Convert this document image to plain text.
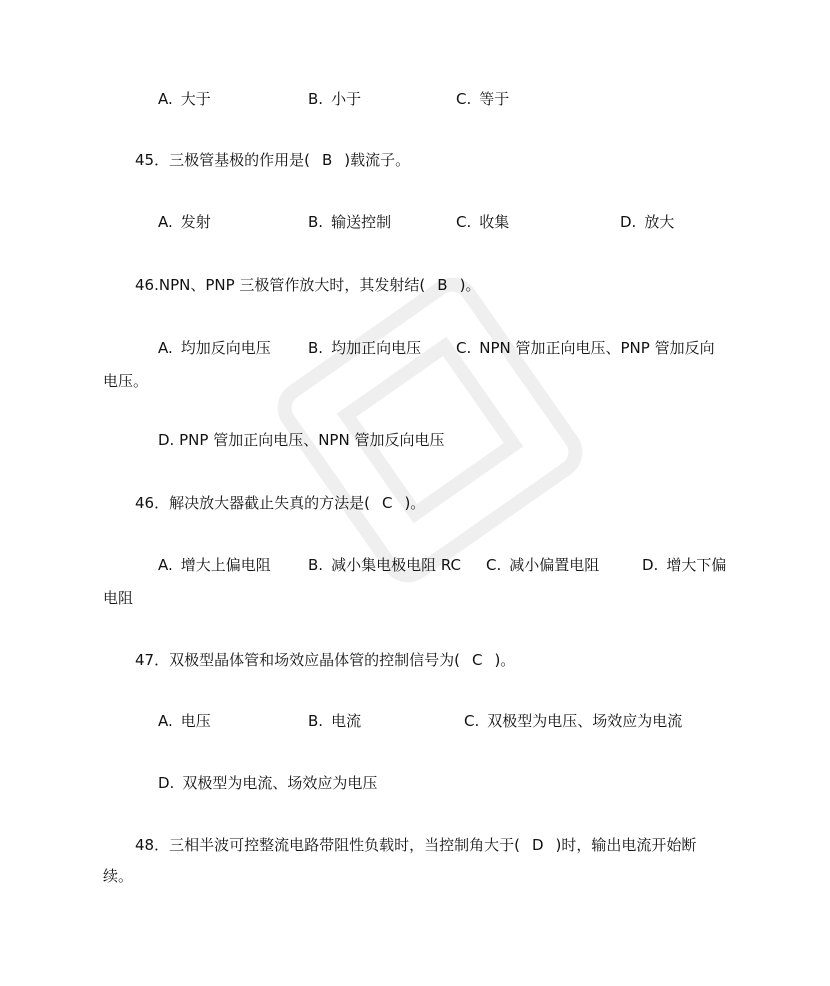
A. 大于	B. 小于	C. 等于
45．三极管基极的作用是( B )载流子。
A. 发射	B. 输送控制	C. 收集	D. 放大
46.NPN、PNP 三极管作放大时，其发射结( B )。
A. 均加反向电压 B. 均加正向电压 C. NPN 管加正向电压、PNP 管加反向
电压。
D. PNP 管加正向电压、NPN 管加反向电压
46．解决放大器截止失真的方法是( C )。
A. 增大上偏电阻 B. 减小集电极电阻 RC C. 减小偏置电阻	D. 增大下偏
电阻
47．双极型晶体管和场效应晶体管的控制信号为( C )。
A. 电压	B. 电流	C. 双极型为电压、场效应为电流
D. 双极型为电流、场效应为电压
48．三相半波可控整流电路带阻性负载时，当控制角大于( D )时，输出电流开始断
续。
